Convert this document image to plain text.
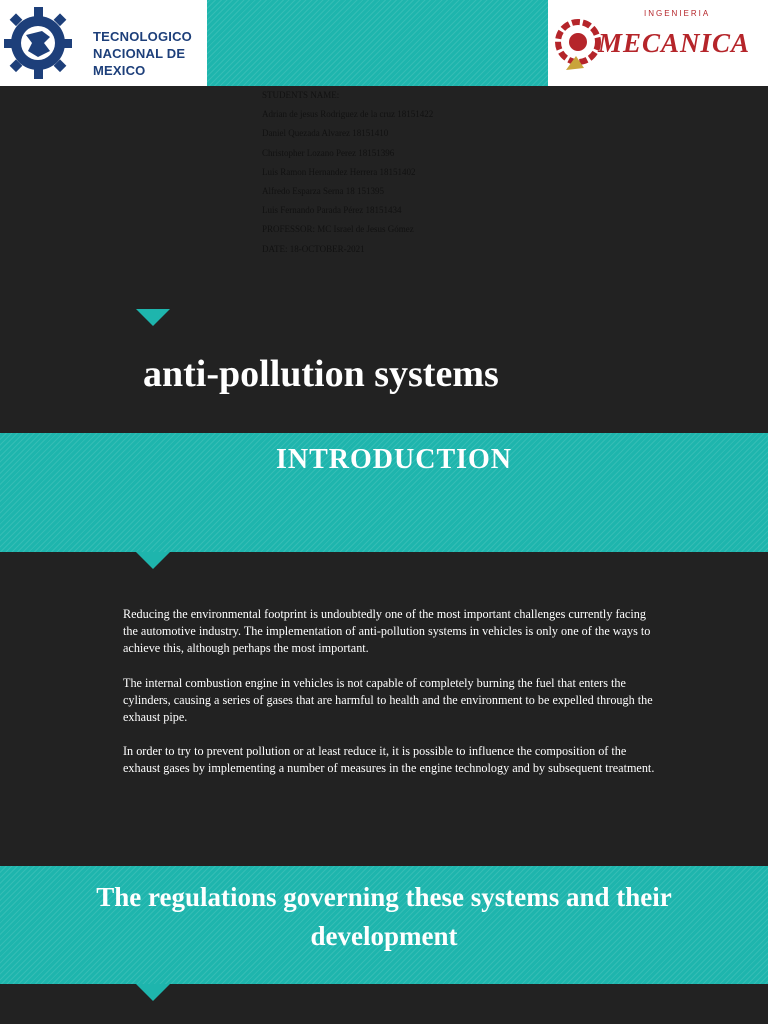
TECNOLOGICO
NACIONAL DE MEXICO
INGENIERIA
MECANICA
STUDENTS NAME:
Adrian de jesus Rodriguez de la cruz 18151422
Daniel Quezada Alvarez 18151410
Christopher Lozano Perez 18151396
Luis Ramon Hernandez Herrera 18151402
Alfredo Esparza Serna 18 151395
Luis Fernando Parada Pérez 18151434
PROFESSOR: MC Israel de Jesus Gómez
DATE: 18-OCTOBER-2021
anti-pollution systems
INTRODUCTION

Reducing the environmental footprint is undoubtedly one of the most important challenges currently facing the automotive industry. The implementation of anti-pollution systems in vehicles is only one of the ways to achieve this, although perhaps the most important.

The internal combustion engine in vehicles is not capable of completely burning the fuel that enters the cylinders, causing a series of gases that are harmful to health and the environment to be expelled through the exhaust pipe.

In order to try to prevent pollution or at least reduce it, it is possible to influence the composition of the exhaust gases by implementing a number of measures in the engine technology and by subsequent treatment.

The regulations governing these systems and their development
